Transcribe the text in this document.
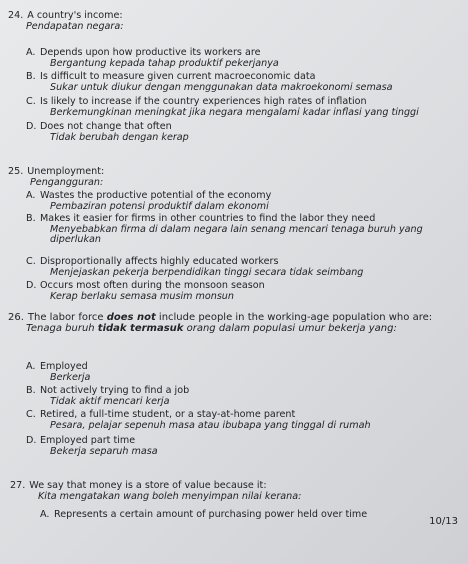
24. A country's income:
Pendapatan negara:
A. Depends upon how productive its workers are
Bergantung kepada tahap produktif pekerjanya
B. Is difficult to measure given current macroeconomic data
Sukar untuk diukur dengan menggunakan data makroekonomi semasa
C. Is likely to increase if the country experiences high rates of inflation
Berkemungkinan meningkat jika negara mengalami kadar inflasi yang tinggi
D. Does not change that often
Tidak berubah dengan kerap
25. Unemployment:
Pengangguran:
A. Wastes the productive potential of the economy
Pembaziran potensi produktif dalam ekonomi
B. Makes it easier for firms in other countries to find the labor they need
Menyebabkan firma di dalam negara lain senang mencari tenaga buruh yang diperlukan
C. Disproportionally affects highly educated workers
Menjejaskan pekerja berpendidikan tinggi secara tidak seimbang
D. Occurs most often during the monsoon season
Kerap berlaku semasa musim monsun
26. The labor force does not include people in the working-age population who are:
Tenaga buruh tidak termasuk orang dalam populasi umur bekerja yang:
A. Employed
Berkerja
B. Not actively trying to find a job
Tidak aktif mencari kerja
C. Retired, a full-time student, or a stay-at-home parent
Pesara, pelajar sepenuh masa atau ibubapa yang tinggal di rumah
D. Employed part time
Bekerja separuh masa
27. We say that money is a store of value because it:
Kita mengatakan wang boleh menyimpan nilai kerana:
A. Represents a certain amount of purchasing power held over time
10/13
